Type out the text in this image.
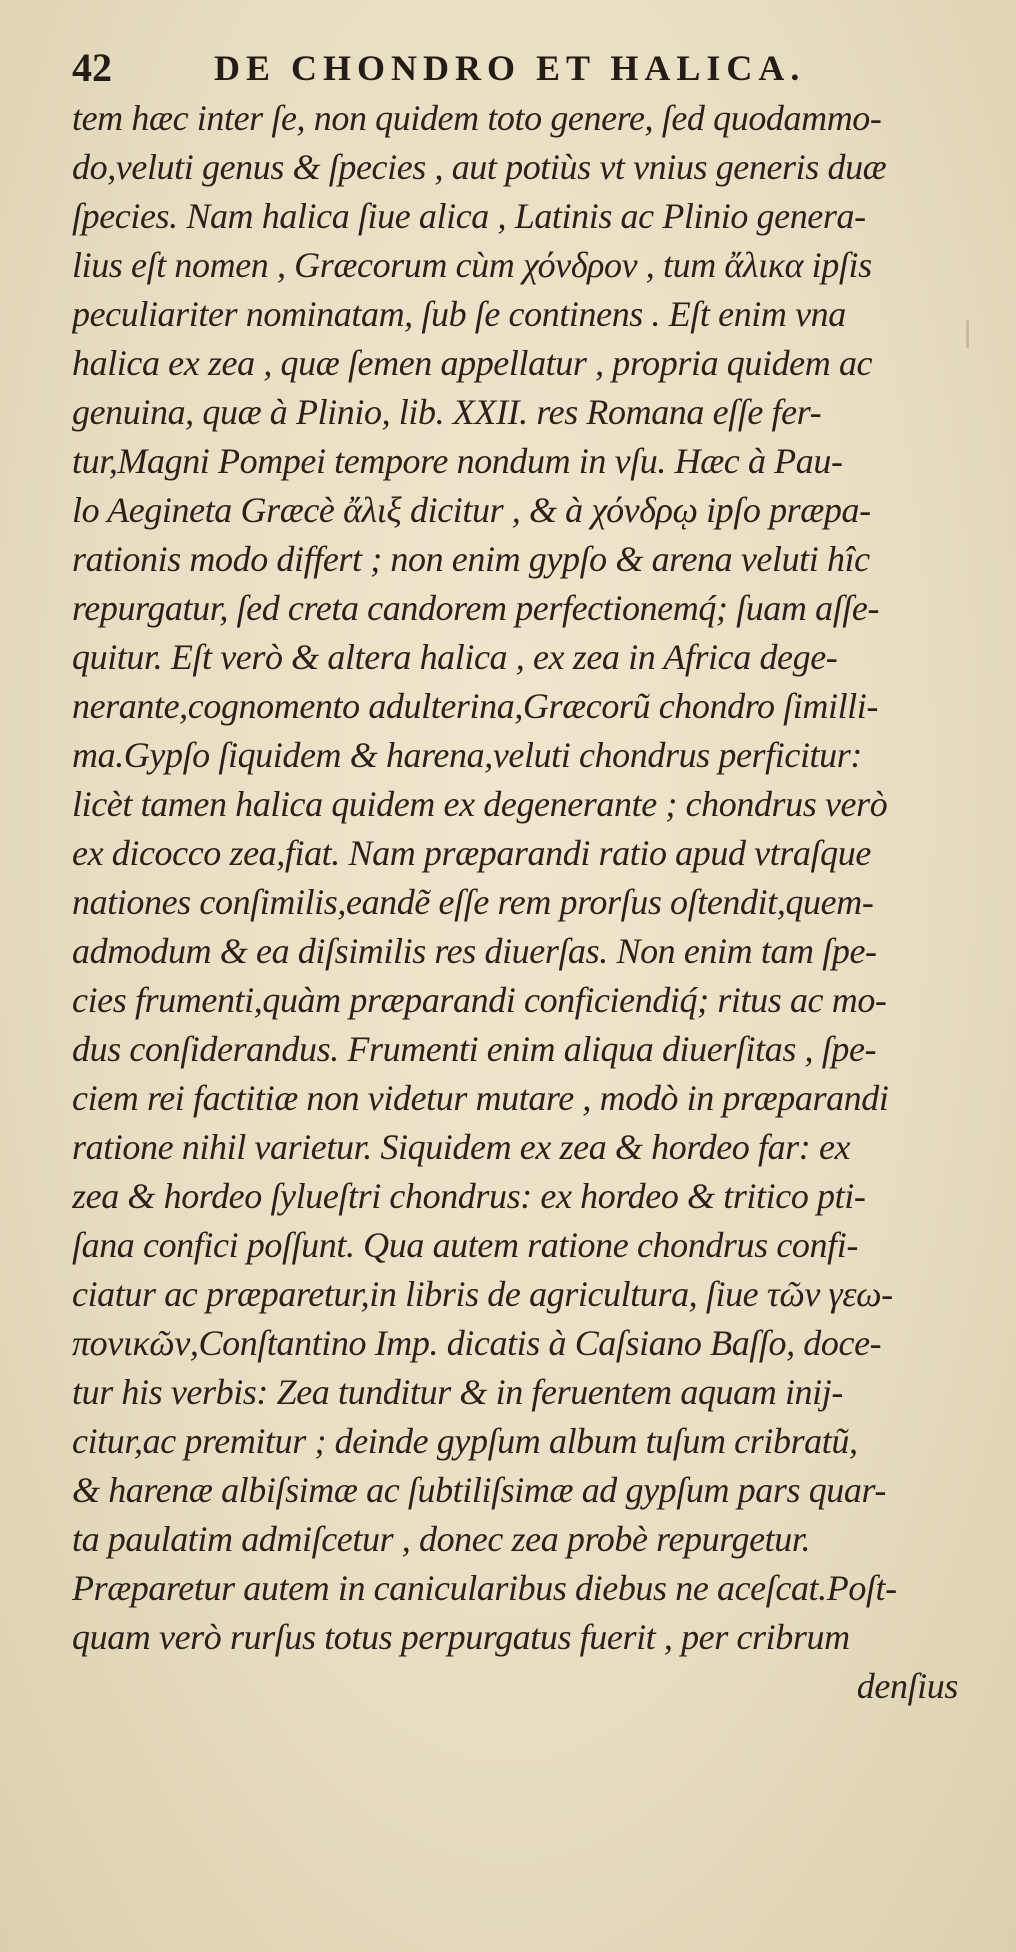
42	DE CHONDRO ET HALICA.
tem hæc inter ſe, non quidem toto genere, ſed quodammo-
do,veluti genus & ſpecies , aut potiùs vt vnius generis duæ
ſpecies. Nam halica ſiue alica , Latinis ac Plinio genera-
lius eſt nomen , Græcorum cùm χόνδρον , tum ἄλικα ipſis
peculiariter nominatam, ſub ſe continens . Eſt enim vna
halica ex zea , quæ ſemen appellatur , propria quidem ac
genuina, quæ à Plinio, lib. XXII. res Romana eſſe fer-
tur,Magni Pompei tempore nondum in vſu. Hæc à Pau-
lo Aegineta Græcè ἄλιξ dicitur , & à χόνδρῳ ipſo præpa-
rationis modo differt ; non enim gypſo & arena veluti hîc
repurgatur, ſed creta candorem perfectionemq́; ſuam aſſe-
quitur. Eſt verò & altera halica , ex zea in Africa dege-
nerante,cognomento adulterina,Græcorũ chondro ſimilli-
ma.Gypſo ſiquidem & harena,veluti chondrus perficitur:
licèt tamen halica quidem ex degenerante ; chondrus verò
ex dicocco zea,fiat. Nam præparandi ratio apud vtraſque
nationes conſimilis,eandẽ eſſe rem prorſus oſtendit,quem-
admodum & ea diſsimilis res diuerſas. Non enim tam ſpe-
cies frumenti,quàm præparandi conficiendiq́; ritus ac mo-
dus conſiderandus. Frumenti enim aliqua diuerſitas , ſpe-
ciem rei factitiæ non videtur mutare , modò in præparandi
ratione nihil varietur. Siquidem ex zea & hordeo far: ex
zea & hordeo ſylueſtri chondrus: ex hordeo & tritico pti-
ſana confici poſſunt. Qua autem ratione chondrus confi-
ciatur ac præparetur,in libris de agricultura, ſiue τῶν γεω-
πονικῶν,Conſtantino Imp. dicatis à Caſsiano Baſſo, doce-
tur his verbis: Zea tunditur & in feruentem aquam inij-
citur,ac premitur ; deinde gypſum album tuſum cribratũ,
& harenæ albiſsimæ ac ſubtiliſsimæ ad gypſum pars quar-
ta paulatim admiſcetur , donec zea probè repurgetur.
Præparetur autem in canicularibus diebus ne aceſcat.Poſt-
quam verò rurſus totus perpurgatus fuerit , per cribrum
denſius
